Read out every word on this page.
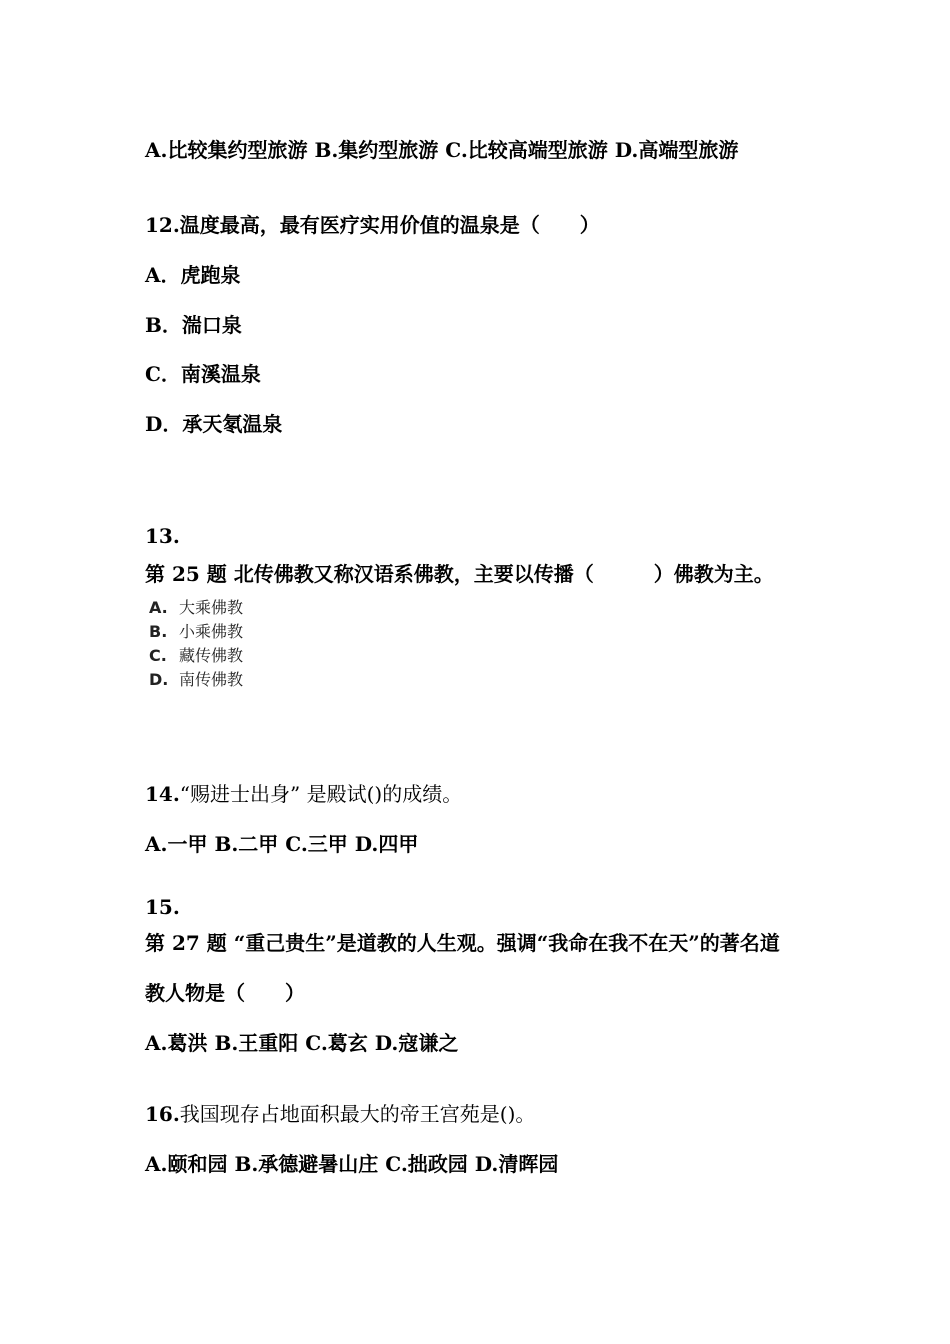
A.比较集约型旅游 B.集约型旅游 C.比较高端型旅游 D.高端型旅游
12.温度最高，最有医疗实用价值的温泉是（　　）
A．虎跑泉
B．湍口泉
C．南溪温泉
D．承天氡温泉
13.
第 25 题 北传佛教又称汉语系佛教，主要以传播（　　　）佛教为主。
A. 大乘佛教
B. 小乘佛教
C. 藏传佛教
D. 南传佛教
14.“赐进士出身” 是殿试()的成绩。
A.一甲 B.二甲 C.三甲 D.四甲
15.
第 27 题 “重己贵生”是道教的人生观。强调“我命在我不在天”的著名道
教人物是（　　）
A.葛洪 B.王重阳 C.葛玄 D.寇谦之
16.我国现存占地面积最大的帝王宫苑是()。
A.颐和园 B.承德避暑山庄 C.拙政园 D.清晖园
